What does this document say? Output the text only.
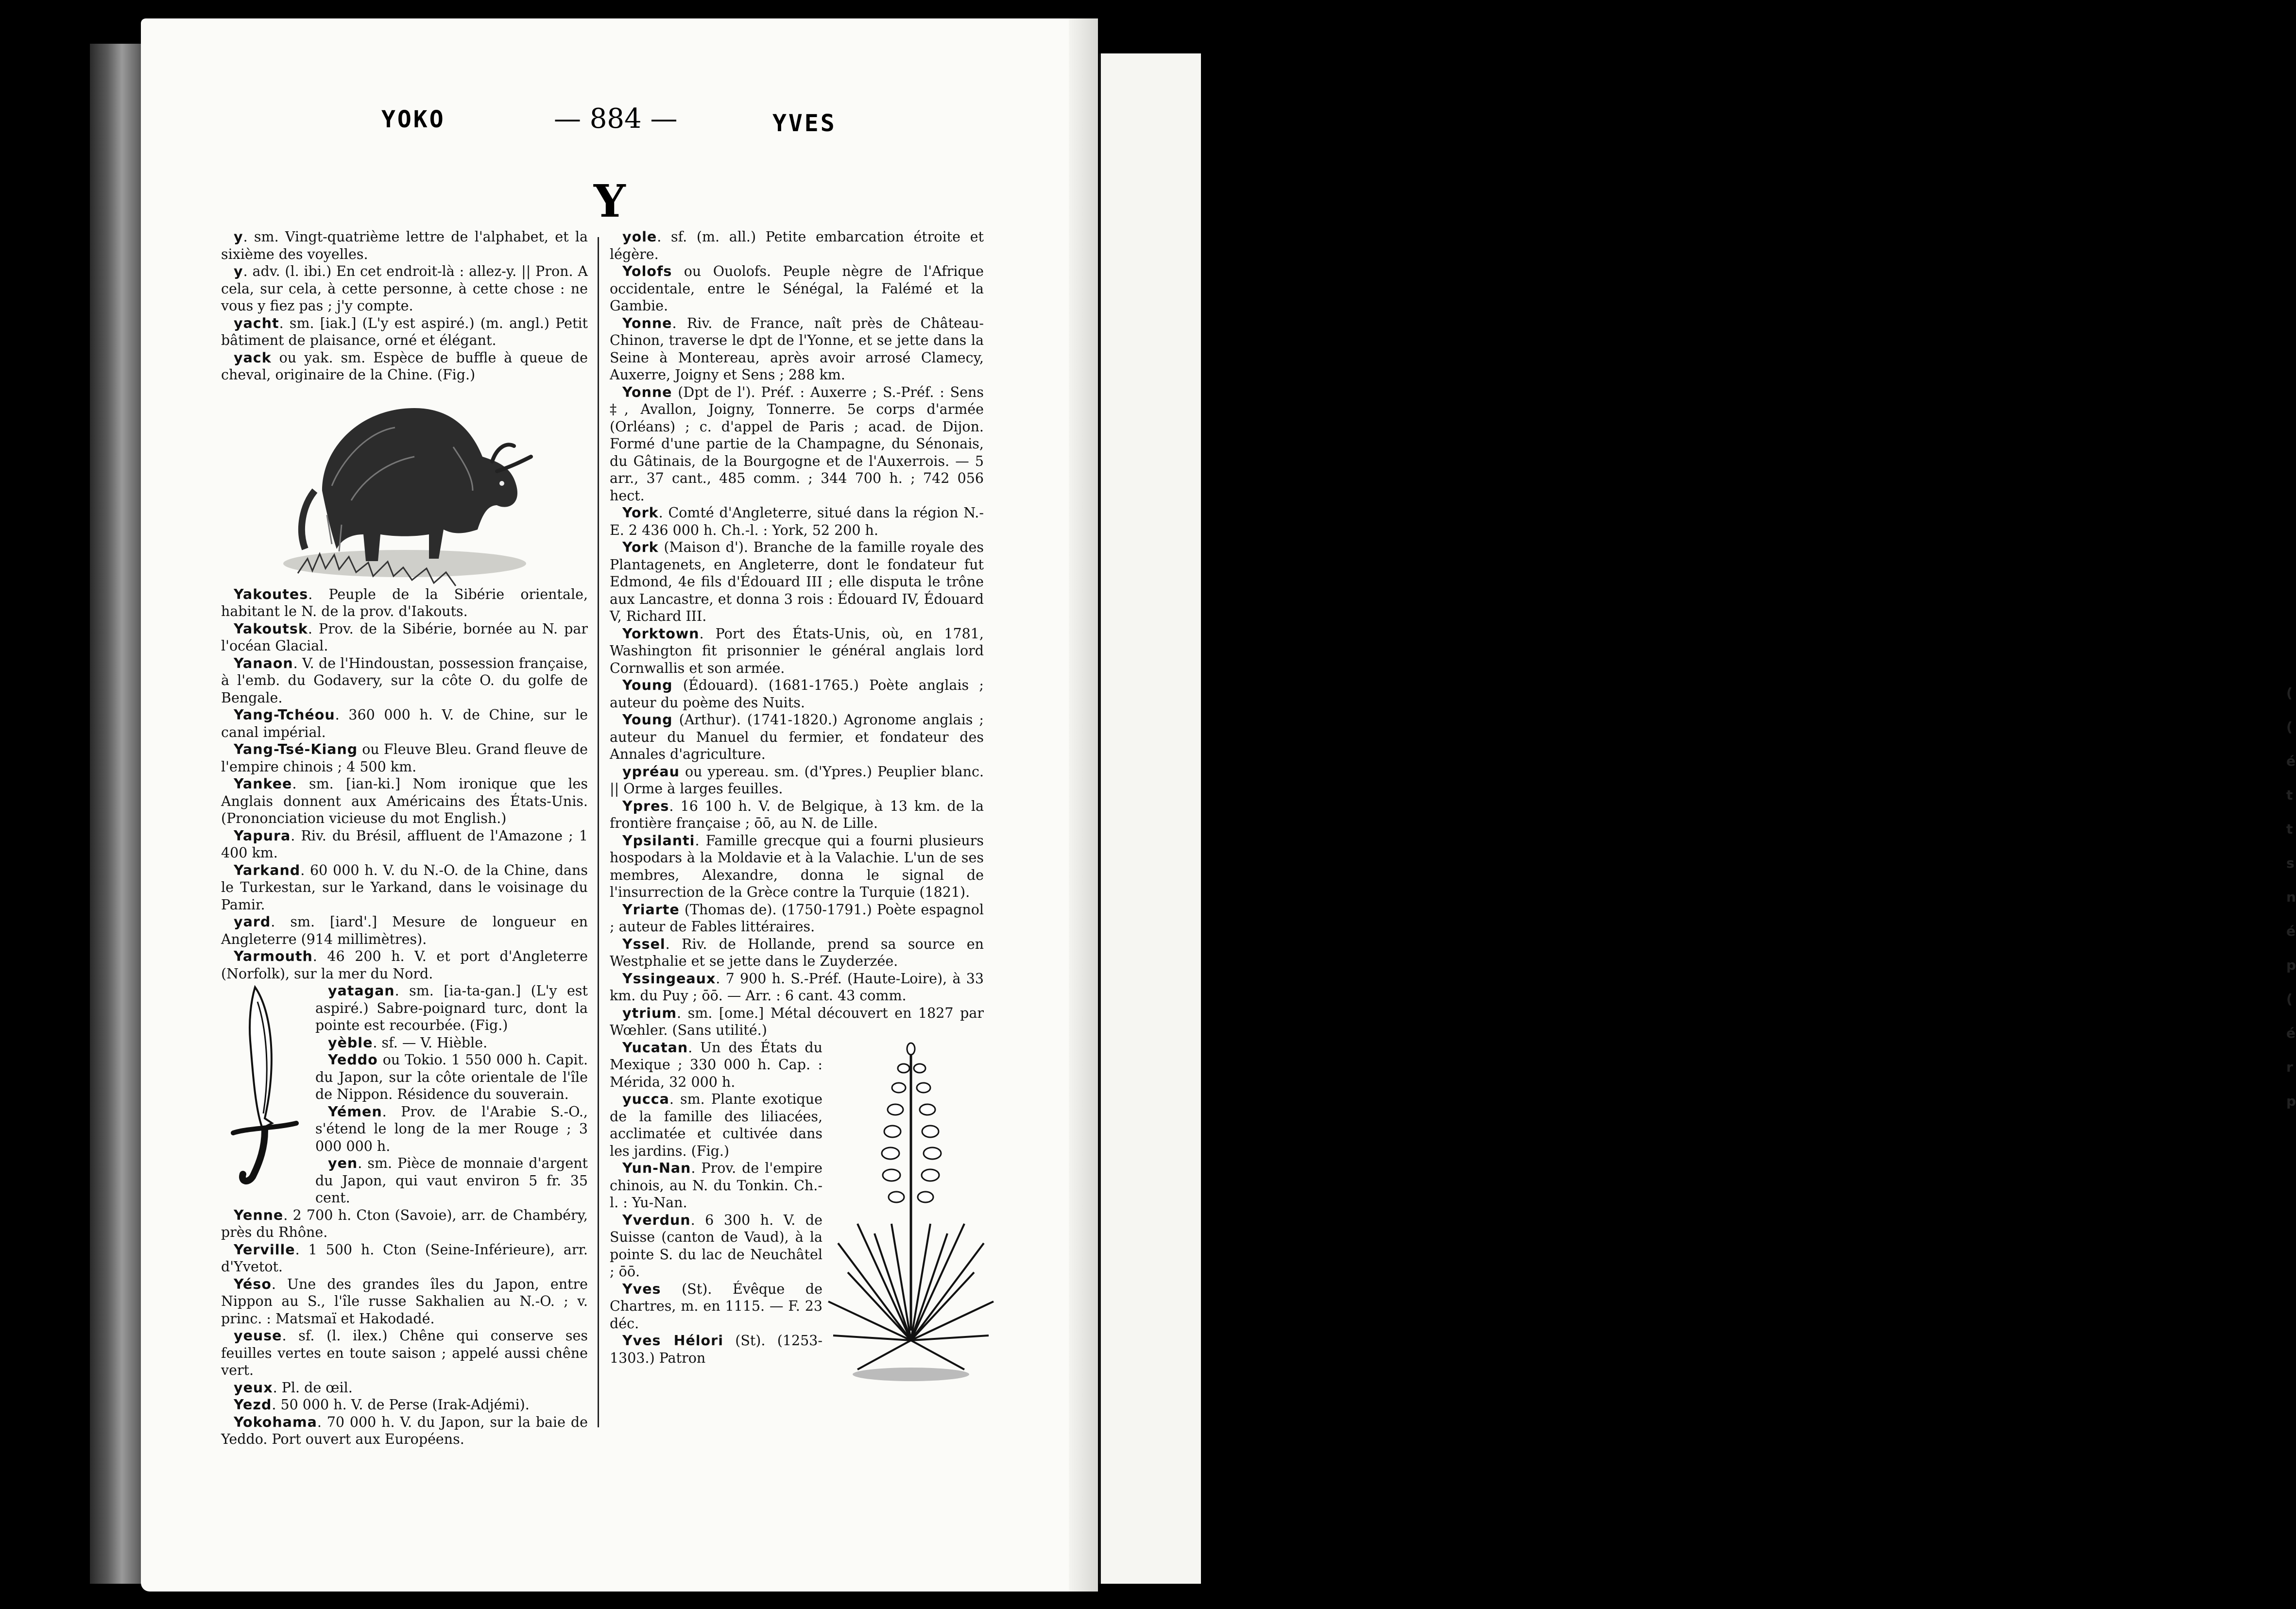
(
(
é
t
t
s
n
é
p
(
é
r
p
YOKO	— 884 —	YVES
Y

y. sm. Vingt-quatrième lettre de l'alphabet, et la sixième des voyelles.

y. adv. (l. ibi.) En cet endroit-là : allez-y. || Pron. A cela, sur cela, à cette personne, à cette chose : ne vous y fiez pas ; j'y compte.

yacht. sm. [iak.] (L'y est aspiré.) (m. angl.) Petit bâtiment de plaisance, orné et élégant.

yack ou yak. sm. Espèce de buffle à queue de cheval, originaire de la Chine. (Fig.)

Yakoutes. Peuple de la Sibérie orientale, habitant le N. de la prov. d'Iakouts.

Yakoutsk. Prov. de la Sibérie, bornée au N. par l'océan Glacial.

Yanaon. V. de l'Hindoustan, possession française, à l'emb. du Godavery, sur la côte O. du golfe de Bengale.

Yang-Tchéou. 360 000 h. V. de Chine, sur le canal impérial.

Yang-Tsé-Kiang ou Fleuve Bleu. Grand fleuve de l'empire chinois ; 4 500 km.

Yankee. sm. [ian-ki.] Nom ironique que les Anglais donnent aux Américains des États-Unis. (Prononciation vicieuse du mot English.)

Yapura. Riv. du Brésil, affluent de l'Amazone ; 1 400 km.

Yarkand. 60 000 h. V. du N.-O. de la Chine, dans le Turkestan, sur le Yarkand, dans le voisinage du Pamir.

yard. sm. [iard'.] Mesure de longueur en Angleterre (914 millimètres).

Yarmouth. 46 200 h. V. et port d'Angleterre (Norfolk), sur la mer du Nord.

yatagan. sm. [ia-ta-gan.] (L'y est aspiré.) Sabre-poignard turc, dont la pointe est recourbée. (Fig.)

yèble. sf. — V. Hièble.

Yeddo ou Tokio. 1 550 000 h. Capit. du Japon, sur la côte orientale de l'île de Nippon. Résidence du souverain.

Yémen. Prov. de l'Arabie S.-O., s'étend le long de la mer Rouge ; 3 000 000 h.

yen. sm. Pièce de monnaie d'argent du Japon, qui vaut environ 5 fr. 35 cent.

Yenne. 2 700 h. Cton (Savoie), arr. de Chambéry, près du Rhône.

Yerville. 1 500 h. Cton (Seine-Inférieure), arr. d'Yvetot.

Yéso. Une des grandes îles du Japon, entre Nippon au S., l'île russe Sakhalien au N.-O. ; v. princ. : Matsmaï et Hakodadé.

yeuse. sf. (l. ilex.) Chêne qui conserve ses feuilles vertes en toute saison ; appelé aussi chêne vert.

yeux. Pl. de œil.

Yezd. 50 000 h. V. de Perse (Irak-Adjémi).

Yokohama. 70 000 h. V. du Japon, sur la baie de Yeddo. Port ouvert aux Européens.

yole. sf. (m. all.) Petite embarcation étroite et légère.

Yolofs ou Ouolofs. Peuple nègre de l'Afrique occidentale, entre le Sénégal, la Falémé et la Gambie.

Yonne. Riv. de France, naît près de Château-Chinon, traverse le dpt de l'Yonne, et se jette dans la Seine à Montereau, après avoir arrosé Clamecy, Auxerre, Joigny et Sens ; 288 km.

Yonne (Dpt de l'). Préf. : Auxerre ; S.-Préf. : Sens ‡, Avallon, Joigny, Tonnerre. 5e corps d'armée (Orléans) ; c. d'appel de Paris ; acad. de Dijon. Formé d'une partie de la Champagne, du Sénonais, du Gâtinais, de la Bourgogne et de l'Auxerrois. — 5 arr., 37 cant., 485 comm. ; 344 700 h. ; 742 056 hect.

York. Comté d'Angleterre, situé dans la région N.-E. 2 436 000 h. Ch.-l. : York, 52 200 h.

York (Maison d'). Branche de la famille royale des Plantagenets, en Angleterre, dont le fondateur fut Edmond, 4e fils d'Édouard III ; elle disputa le trône aux Lancastre, et donna 3 rois : Édouard IV, Édouard V, Richard III.

Yorktown. Port des États-Unis, où, en 1781, Washington fit prisonnier le général anglais lord Cornwallis et son armée.

Young (Édouard). (1681-1765.) Poète anglais ; auteur du poème des Nuits.

Young (Arthur). (1741-1820.) Agronome anglais ; auteur du Manuel du fermier, et fondateur des Annales d'agriculture.

ypréau ou ypereau. sm. (d'Ypres.) Peuplier blanc. || Orme à larges feuilles.

Ypres. 16 100 h. V. de Belgique, à 13 km. de la frontière française ; ōō, au N. de Lille.

Ypsilanti. Famille grecque qui a fourni plusieurs hospodars à la Moldavie et à la Valachie. L'un de ses membres, Alexandre, donna le signal de l'insurrection de la Grèce contre la Turquie (1821).

Yriarte (Thomas de). (1750-1791.) Poète espagnol ; auteur de Fables littéraires.

Yssel. Riv. de Hollande, prend sa source en Westphalie et se jette dans le Zuyderzée.

Yssingeaux. 7 900 h. S.-Préf. (Haute-Loire), à 33 km. du Puy ; ōō. — Arr. : 6 cant. 43 comm.

ytrium. sm. [ome.] Métal découvert en 1827 par Wœhler. (Sans utilité.)

Yucatan. Un des États du Mexique ; 330 000 h. Cap. : Mérida, 32 000 h.

yucca. sm. Plante exotique de la famille des liliacées, acclimatée et cultivée dans les jardins. (Fig.)

Yun-Nan. Prov. de l'empire chinois, au N. du Tonkin. Ch.-l. : Yu-Nan.

Yverdun. 6 300 h. V. de Suisse (canton de Vaud), à la pointe S. du lac de Neuchâtel ; ōō.

Yves (St). Évêque de Chartres, m. en 1115. — F. 23 déc.

Yves Hélori (St). (1253-1303.) Patron
